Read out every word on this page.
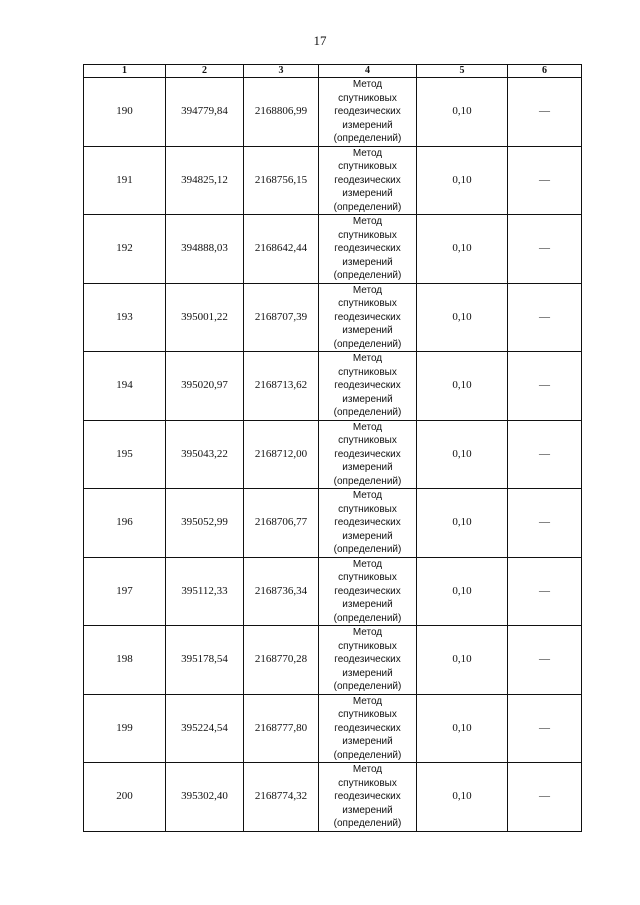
17
1	2	3	4	5	6
190	394779,84	2168806,99	Метод
спутниковых
геодезических
измерений
(определений)	0,10	—
191	394825,12	2168756,15	Метод
спутниковых
геодезических
измерений
(определений)	0,10	—
192	394888,03	2168642,44	Метод
спутниковых
геодезических
измерений
(определений)	0,10	—
193	395001,22	2168707,39	Метод
спутниковых
геодезических
измерений
(определений)	0,10	—
194	395020,97	2168713,62	Метод
спутниковых
геодезических
измерений
(определений)	0,10	—
195	395043,22	2168712,00	Метод
спутниковых
геодезических
измерений
(определений)	0,10	—
196	395052,99	2168706,77	Метод
спутниковых
геодезических
измерений
(определений)	0,10	—
197	395112,33	2168736,34	Метод
спутниковых
геодезических
измерений
(определений)	0,10	—
198	395178,54	2168770,28	Метод
спутниковых
геодезических
измерений
(определений)	0,10	—
199	395224,54	2168777,80	Метод
спутниковых
геодезических
измерений
(определений)	0,10	—
200	395302,40	2168774,32	Метод
спутниковых
геодезических
измерений
(определений)	0,10	—
